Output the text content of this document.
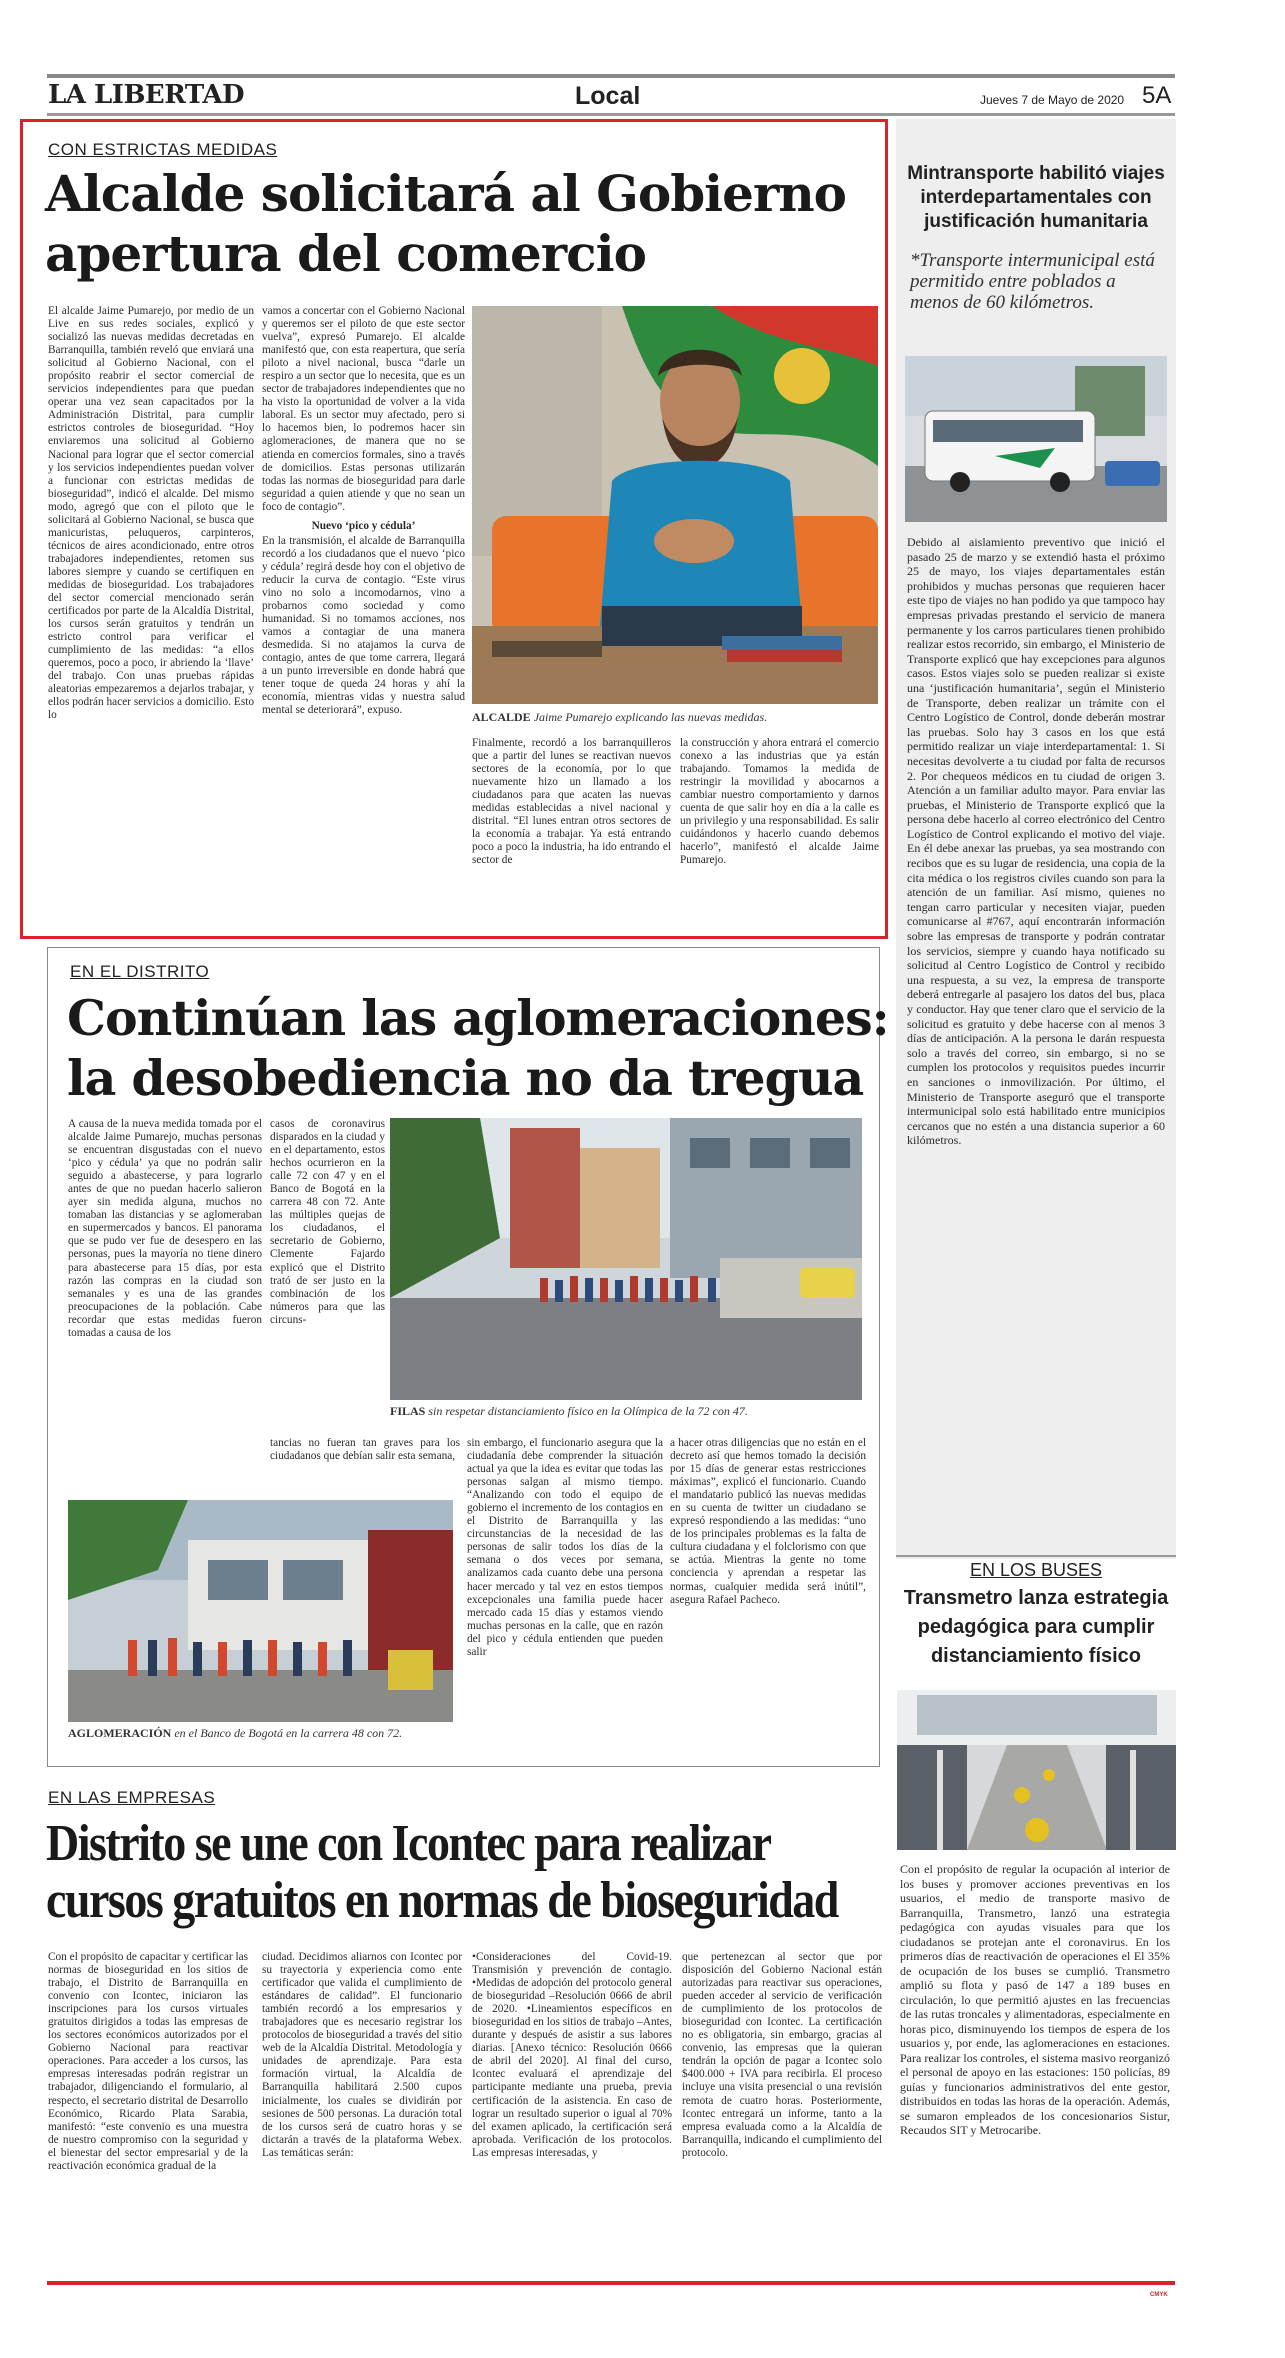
LA LIBERTAD	Local	Jueves 7 de Mayo de 2020 5A
CON ESTRICTAS MEDIDAS
Alcalde solicitará al Gobierno
apertura del comercio
El alcalde Jaime Pumarejo, por medio de un Live en sus redes sociales, explicó y socializó las nuevas medidas decretadas en Barranquilla, también reveló que enviará una solicitud al Gobierno Nacional, con el propósito reabrir el sector comercial de servicios independientes para que puedan operar una vez sean capacitados por la Administración Distrital, para cumplir estrictos controles de bioseguridad. “Hoy enviaremos una solicitud al Gobierno Nacional para lograr que el sector comercial y los servicios independientes puedan volver a funcionar con estrictas medidas de bioseguridad”, indicó el alcalde. Del mismo modo, agregó que con el piloto que le solicitará al Gobierno Nacional, se busca que manicuristas, peluqueros, carpinteros, técnicos de aires acondicionado, entre otros trabajadores independientes, retomen sus labores siempre y cuando se certifiquen en medidas de bioseguridad. Los trabajadores del sector comercial mencionado serán certificados por parte de la Alcaldía Distrital, los cursos serán gratuitos y tendrán un estricto control para verificar el cumplimiento de las medidas: “a ellos queremos, poco a poco, ir abriendo la ‘llave’ del trabajo. Con unas pruebas rápidas aleatorias empezaremos a dejarlos trabajar, y ellos podrán hacer servicios a domicilio. Esto lo

vamos a concertar con el Gobierno Nacional y queremos ser el piloto de que este sector vuelva”, expresó Pumarejo. El alcalde manifestó que, con esta reapertura, que sería piloto a nivel nacional, busca “darle un respiro a un sector que lo necesita, que es un sector de trabajadores independientes que no ha visto la oportunidad de volver a la vida laboral. Es un sector muy afectado, pero si lo hacemos bien, lo podremos hacer sin aglomeraciones, de manera que no se atienda en comercios formales, sino a través de domicilios. Estas personas utilizarán todas las normas de bioseguridad para darle seguridad a quien atiende y que no sean un foco de contagio”.

Nuevo ‘pico y cédula’

En la transmisión, el alcalde de Barranquilla recordó a los ciudadanos que el nuevo ‘pico y cédula’ regirá desde hoy con el objetivo de reducir la curva de contagio. “Este virus vino no solo a incomodarnos, vino a probarnos como sociedad y como humanidad. Si no tomamos acciones, nos vamos a contagiar de una manera desmedida. Si no atajamos la curva de contagio, antes de que tome carrera, llegará a un punto irreversible en donde habrá que tener toque de queda 24 horas y ahí la economía, mientras vidas y nuestra salud mental se deteriorará”, expuso.	ALCALDE Jaime Pumarejo explicando las nuevas medidas.
Finalmente, recordó a los barranquilleros que a partir del lunes se reactivan nuevos sectores de la economía, por lo que nuevamente hizo un llamado a los ciudadanos para que acaten las nuevas medidas establecidas a nivel nacional y distrital. “El lunes entran otros sectores de la economía a trabajar. Ya está entrando poco a poco la industria, ha ido entrando el sector de
la construcción y ahora entrará el comercio conexo a las industrias que ya están trabajando. Tomamos la medida de restringir la movilidad y abocarnos a cambiar nuestro comportamiento y darnos cuenta de que salir hoy en día a la calle es un privilegio y una responsabilidad. Es salir cuidándonos y hacerlo cuando debemos hacerlo”, manifestó el alcalde Jaime Pumarejo.
Mintransporte habilitó viajes interdepartamentales con justificación humanitaria
*Transporte intermunicipal está permitido entre poblados a menos de 60 kilómetros.
Debido al aislamiento preventivo que inició el pasado 25 de marzo y se extendió hasta el próximo 25 de mayo, los viajes departamentales están prohibidos y muchas personas que requieren hacer este tipo de viajes no han podido ya que tampoco hay empresas privadas prestando el servicio de manera permanente y los carros particulares tienen prohibido realizar estos recorrido, sin embargo, el Ministerio de Transporte explicó que hay excepciones para algunos casos. Estos viajes solo se pueden realizar si existe una ‘justificación humanitaria’, según el Ministerio de Transporte, deben realizar un trámite con el Centro Logístico de Control, donde deberán mostrar las pruebas. Solo hay 3 casos en los que está permitido realizar un viaje interdepartamental: 1. Si necesitas devolverte a tu ciudad por falta de recursos 2. Por chequeos médicos en tu ciudad de origen 3. Atención a un familiar adulto mayor. Para enviar las pruebas, el Ministerio de Transporte explicó que la persona debe hacerlo al correo electrónico del Centro Logístico de Control explicando el motivo del viaje. En él debe anexar las pruebas, ya sea mostrando con recibos que es su lugar de residencia, una copia de la cita médica o los registros civiles cuando son para la atención de un familiar. Así mismo, quienes no tengan carro particular y necesiten viajar, pueden comunicarse al #767, aquí encontrarán información sobre las empresas de transporte y podrán contratar los servicios, siempre y cuando haya notificado su solicitud al Centro Logístico de Control y recibido una respuesta, a su vez, la empresa de transporte deberá entregarle al pasajero los datos del bus, placa y conductor. Hay que tener claro que el servicio de la solicitud es gratuito y debe hacerse con al menos 3 días de anticipación. A la persona le darán respuesta solo a través del correo, sin embargo, si no se cumplen los protocolos y requisitos puedes incurrir en sanciones o inmovilización. Por último, el Ministerio de Transporte aseguró que el transporte intermunicipal solo está habilitado entre municipios cercanos que no estén a una distancia superior a 60 kilómetros.
EN EL DISTRITO
Continúan las aglomeraciones:
la desobediencia no da tregua
A causa de la nueva medida tomada por el alcalde Jaime Pumarejo, muchas personas se encuentran disgustadas con el nuevo ‘pico y cédula’ ya que no podrán salir seguido a abastecerse, y para lograrlo antes de que no puedan hacerlo salieron ayer sin medida alguna, muchos no tomaban las distancias y se aglomeraban en supermercados y bancos. El panorama que se pudo ver fue de desespero en las personas, pues la mayoría no tiene dinero para abastecerse para 15 días, por esta razón las compras en la ciudad son semanales y es una de las grandes preocupaciones de la población. Cabe recordar que estas medidas fueron tomadas a causa de los
casos de coronavirus disparados en la ciudad y en el departamento, estos hechos ocurrieron en la calle 72 con 47 y en el Banco de Bogotá en la carrera 48 con 72. Ante las múltiples quejas de los ciudadanos, el secretario de Gobierno, Clemente Fajardo explicó que el Distrito trató de ser justo en la combinación de los números para que las circuns-
FILAS sin respetar distanciamiento físico en la Olímpica de la 72 con 47.
tancias no fueran tan graves para los ciudadanos que debían salir esta semana,
AGLOMERACIÓN en el Banco de Bogotá en la carrera 48 con 72.
sin embargo, el funcionario asegura que la ciudadanía debe comprender la situación actual ya que la idea es evitar que todas las personas salgan al mismo tiempo. “Analizando con todo el equipo de gobierno el incremento de los contagios en el Distrito de Barranquilla y las circunstancias de la necesidad de las personas de salir todos los días de la semana o dos veces por semana, analizamos cada cuanto debe una persona hacer mercado y tal vez en estos tiempos excepcionales una familia puede hacer mercado cada 15 días y estamos viendo muchas personas en la calle, que en razón del pico y cédula entienden que pueden salir
a hacer otras diligencias que no están en el decreto así que hemos tomado la decisión por 15 días de generar estas restricciones máximas”, explicó el funcionario. Cuando el mandatario publicó las nuevas medidas en su cuenta de twitter un ciudadano se expresó respondiendo a las medidas: “uno de los principales problemas es la falta de cultura ciudadana y el folclorismo con que se actúa. Mientras la gente no tome conciencia y aprendan a respetar las normas, cualquier medida será inútil”, asegura Rafael Pacheco.
EN LOS BUSES
Transmetro lanza estrategia pedagógica para cumplir distanciamiento físico
Con el propósito de regular la ocupación al interior de los buses y promover acciones preventivas en los usuarios, el medio de transporte masivo de Barranquilla, Transmetro, lanzó una estrategia pedagógica con ayudas visuales para que los ciudadanos se protejan ante el coronavirus. En los primeros días de reactivación de operaciones el El 35% de ocupación de los buses se cumplió. Transmetro amplió su flota y pasó de 147 a 189 buses en circulación, lo que permitió ajustes en las frecuencias de las rutas troncales y alimentadoras, especialmente en horas pico, disminuyendo los tiempos de espera de los usuarios y, por ende, las aglomeraciones en estaciones. Para realizar los controles, el sistema masivo reorganizó el personal de apoyo en las estaciones: 150 policías, 89 guías y funcionarios administrativos del ente gestor, distribuidos en todas las horas de la operación. Además, se sumaron empleados de los concesionarios Sistur, Recaudos SIT y Metrocaribe.
EN LAS EMPRESAS
Distrito se une con Icontec para realizar
cursos gratuitos en normas de bioseguridad
Con el propósito de capacitar y certificar las normas de bioseguridad en los sitios de trabajo, el Distrito de Barranquilla en convenio con Icontec, iniciaron las inscripciones para los cursos virtuales gratuitos dirigidos a todas las empresas de los sectores económicos autorizados por el Gobierno Nacional para reactivar operaciones. Para acceder a los cursos, las empresas interesadas podrán registrar un trabajador, diligenciando el formulario, al respecto, el secretario distrital de Desarrollo Económico, Ricardo Plata Sarabia, manifestó: “este convenio es una muestra de nuestro compromiso con la seguridad y el bienestar del sector empresarial y de la reactivación económica gradual de la
ciudad. Decidimos aliarnos con Icontec por su trayectoria y experiencia como ente certificador que valida el cumplimiento de estándares de calidad”. El funcionario también recordó a los empresarios y trabajadores que es necesario registrar los protocolos de bioseguridad a través del sitio web de la Alcaldía Distrital. Metodología y unidades de aprendizaje. Para esta formación virtual, la Alcaldía de Barranquilla habilitará 2.500 cupos inicialmente, los cuales se dividirán por sesiones de 500 personas. La duración total de los cursos será de cuatro horas y se dictarán a través de la plataforma Webex. Las temáticas serán:
•Consideraciones del Covid-19. Transmisión y prevención de contagio. •Medidas de adopción del protocolo general de bioseguridad –Resolución 0666 de abril de 2020. •Lineamientos específicos en bioseguridad en los sitios de trabajo –Antes, durante y después de asistir a sus labores diarias. [Anexo técnico: Resolución 0666 de abril del 2020]. Al final del curso, Icontec evaluará el aprendizaje del participante mediante una prueba, previa certificación de la asistencia. En caso de lograr un resultado superior o igual al 70% del examen aplicado, la certificación será aprobada. Verificación de los protocolos. Las empresas interesadas, y
que pertenezcan al sector que por disposición del Gobierno Nacional están autorizadas para reactivar sus operaciones, pueden acceder al servicio de verificación de cumplimiento de los protocolos de bioseguridad con Icontec. La certificación no es obligatoria, sin embargo, gracias al convenio, las empresas que la quieran tendrán la opción de pagar a Icontec solo $400.000 + IVA para recibirla. El proceso incluye una visita presencial o una revisión remota de cuatro horas. Posteriormente, Icontec entregará un informe, tanto a la empresa evaluada como a la Alcaldía de Barranquilla, indicando el cumplimiento del protocolo.
CMYK
